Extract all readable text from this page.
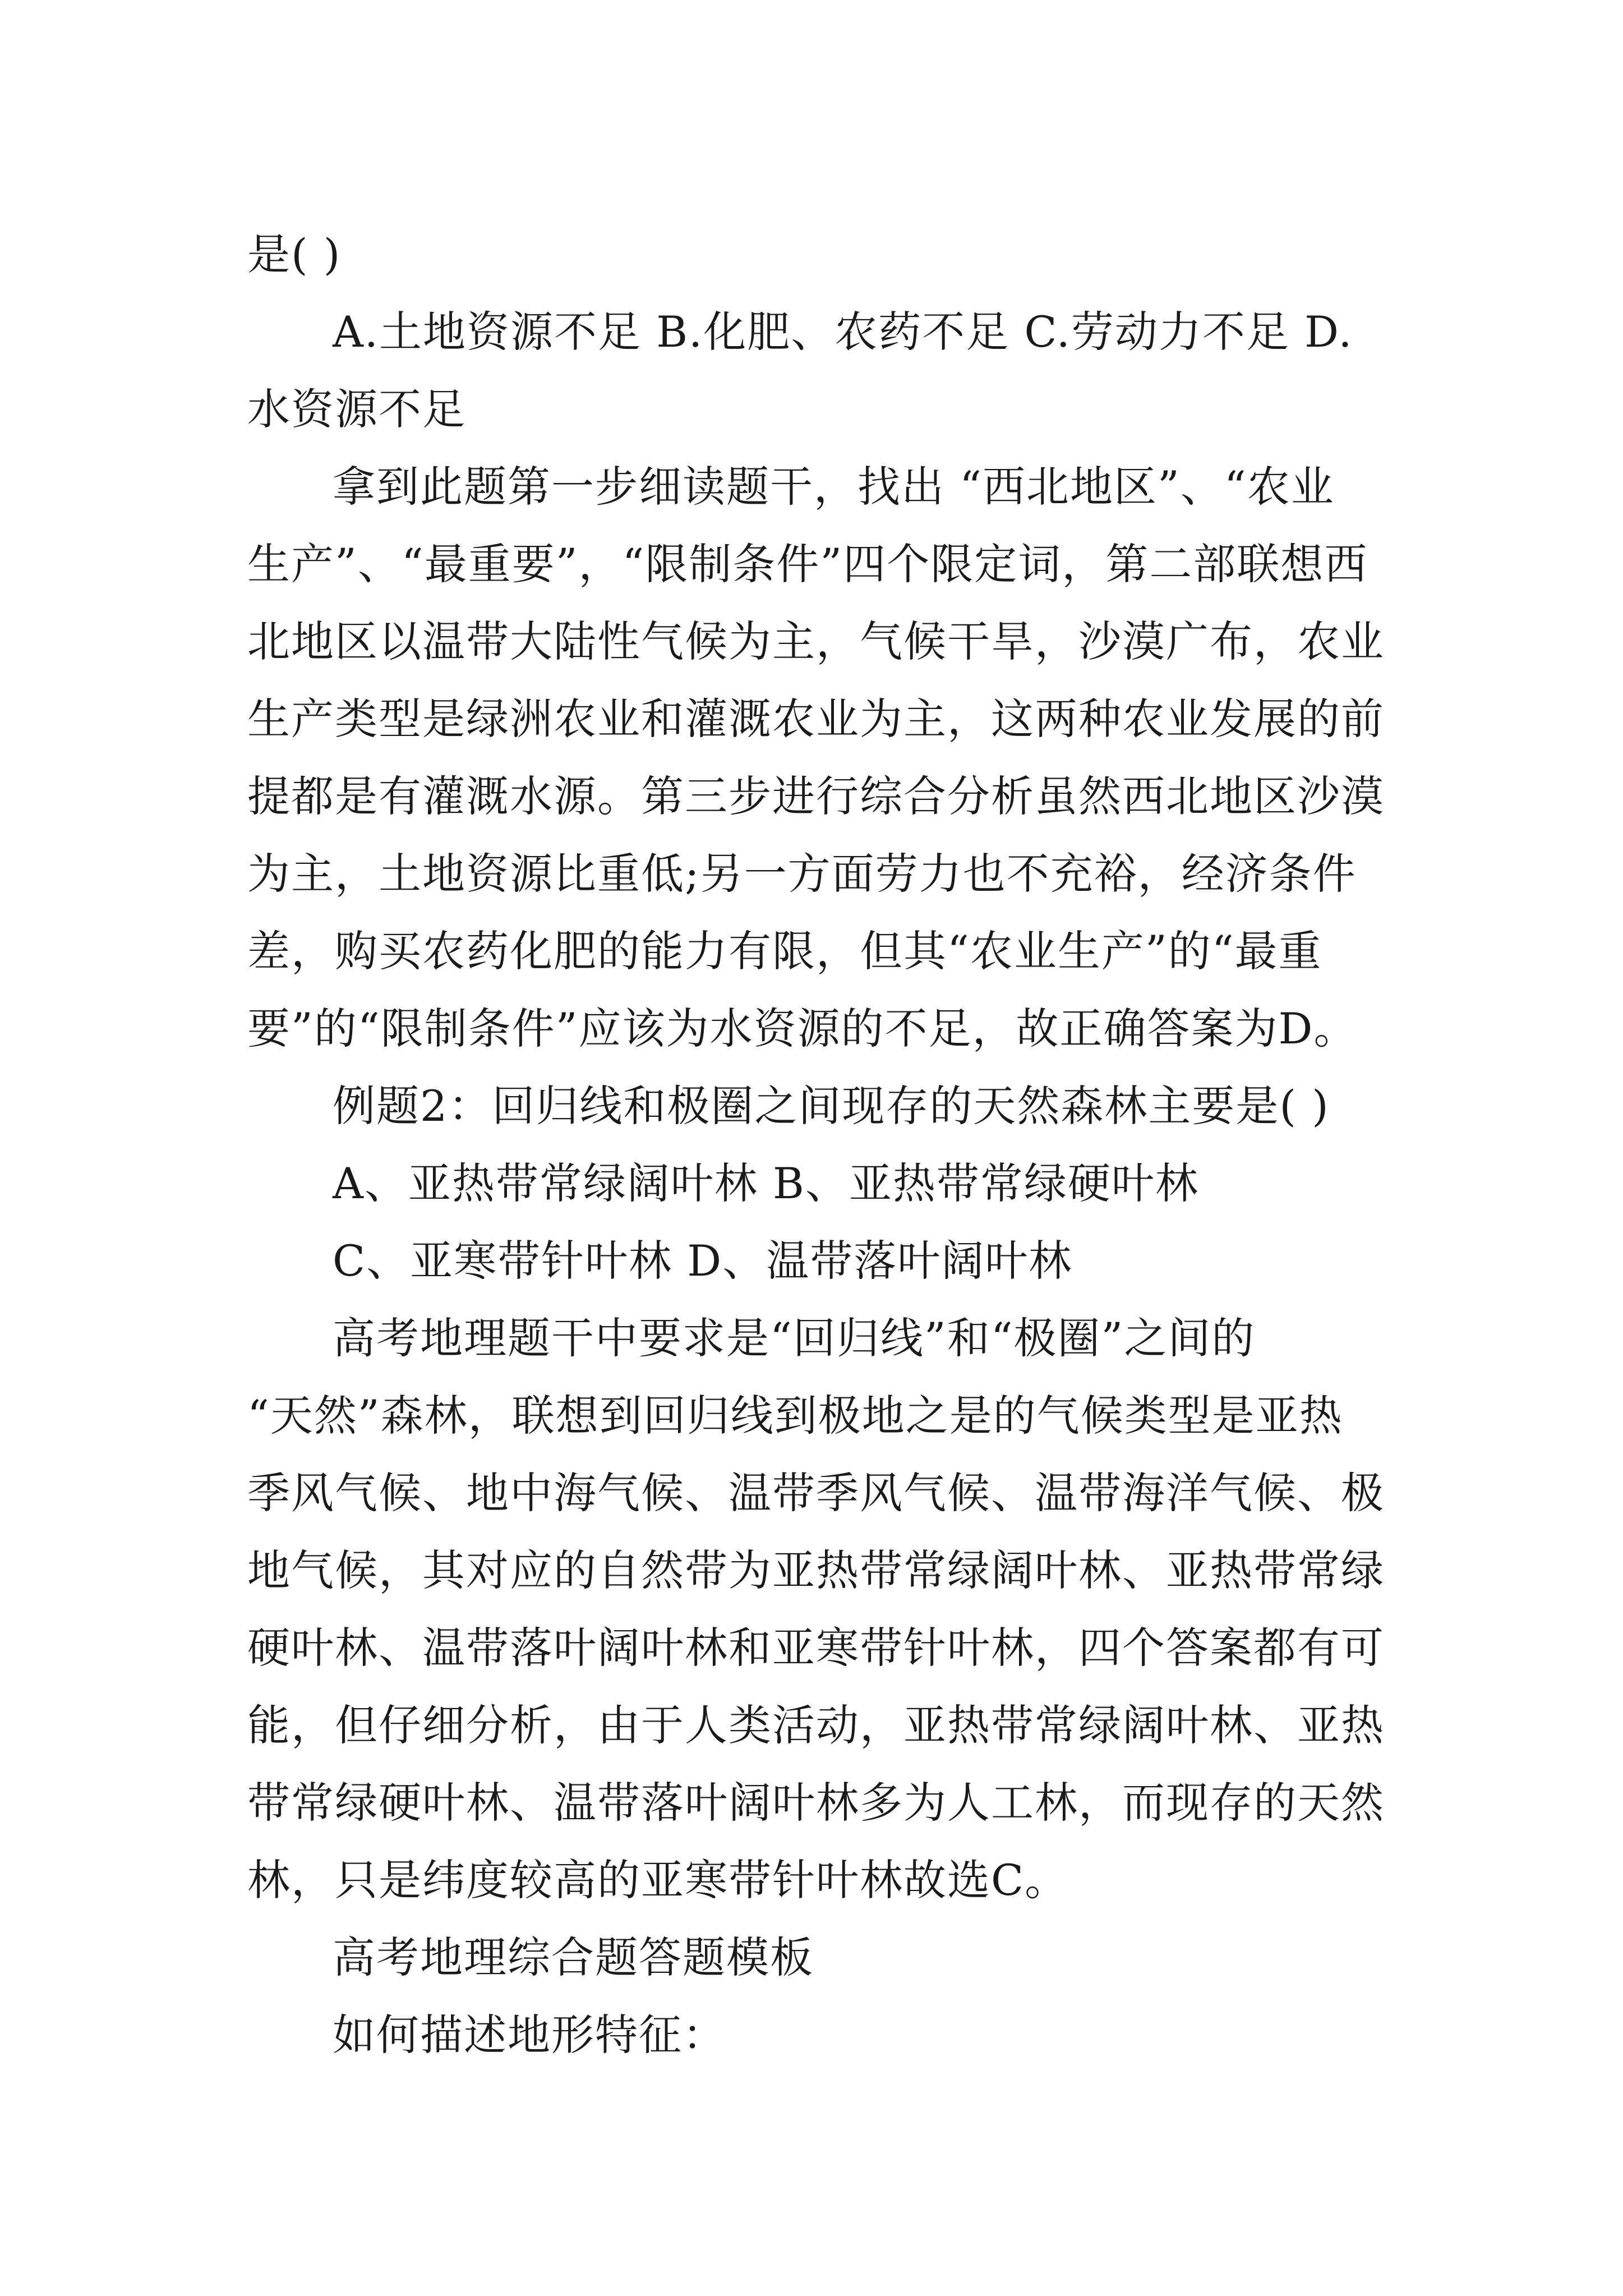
是( )

A.土地资源不足 B.化肥、农药不足 C.劳动力不足 D.
水资源不足

拿到此题第一步细读题干，找出 “西北地区”、“农业
生产”、“最重要”，“限制条件”四个限定词，第二部联想西
北地区以温带大陆性气候为主，气候干旱，沙漠广布，农业
生产类型是绿洲农业和灌溉农业为主，这两种农业发展的前
提都是有灌溉水源。第三步进行综合分析虽然西北地区沙漠
为主，土地资源比重低;另一方面劳力也不充裕，经济条件
差，购买农药化肥的能力有限，但其“农业生产”的“最重
要”的“限制条件”应该为水资源的不足，故正确答案为D。

例题2：回归线和极圈之间现存的天然森林主要是( )

A、亚热带常绿阔叶林 B、亚热带常绿硬叶林

C、亚寒带针叶林 D、温带落叶阔叶林

高考地理题干中要求是“回归线”和“极圈”之间的
“天然”森林，联想到回归线到极地之是的气候类型是亚热
季风气候、地中海气候、温带季风气候、温带海洋气候、极
地气候，其对应的自然带为亚热带常绿阔叶林、亚热带常绿
硬叶林、温带落叶阔叶林和亚寒带针叶林，四个答案都有可
能，但仔细分析，由于人类活动，亚热带常绿阔叶林、亚热
带常绿硬叶林、温带落叶阔叶林多为人工林，而现存的天然
林，只是纬度较高的亚寒带针叶林故选C。

高考地理综合题答题模板

如何描述地形特征：
